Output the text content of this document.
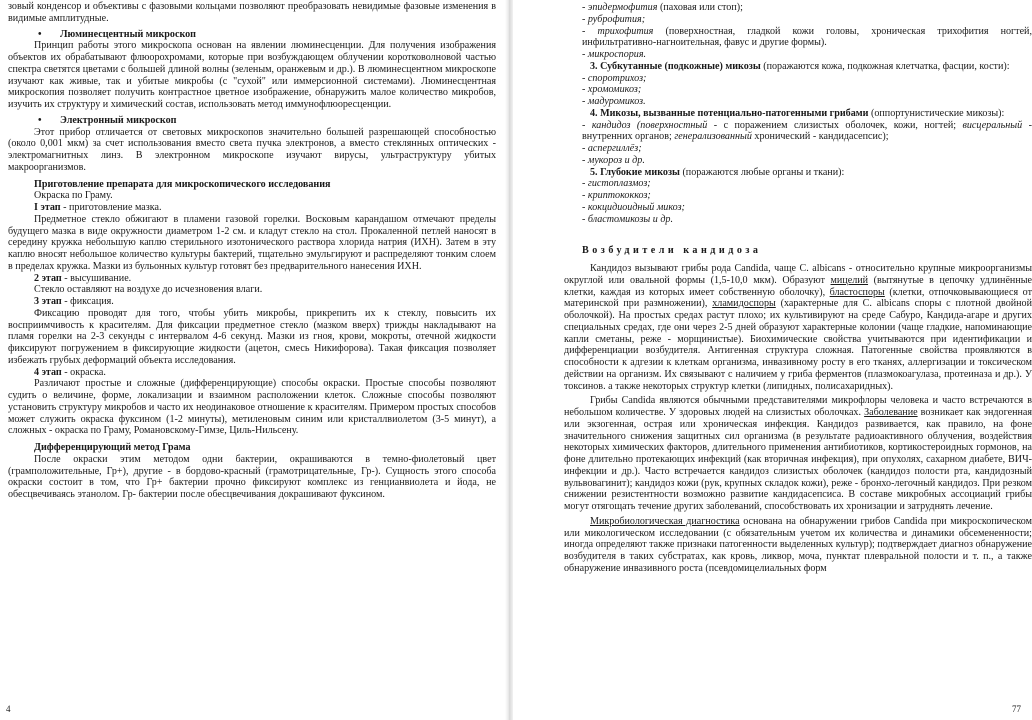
зовый конденсор и объективы с фазовыми кольцами позволяют преобразовать невидимые фазовые изменения в видимые амплитудные.

• Люминесцентный микроскоп

Принцип работы этого микроскопа основан на явлении люминесценции. Для получения изображения объектов их обрабатывают флюорохромами, которые при возбуждающем облучении коротковолновой частью спектра светятся цветами с большей длиной волны (зеленым, оранжевым и др.). В люминесцентном микроскопе изучают как живые, так и убитые микробы (с "сухой" или иммерсионной системами). Люминесцентная микроскопия позволяет получить контрастное цветное изображение, обнаружить малое количество микробов, изучить их структуру и химический состав, использовать метод иммунофлюоресценции.

• Электронный микроскоп

Этот прибор отличается от световых микроскопов значительно большей разрешающей способностью (около 0,001 мкм) за счет использования вместо света пучка электронов, а вместо стеклянных оптических - электромагнитных линз. В электронном микроскопе изучают вирусы, ультраструктуру убитых макроорганизмов.

Приготовление препарата для микроскопического исследования

Окраска по Граму.

I этап - приготовление мазка.

Предметное стекло обжигают в пламени газовой горелки. Восковым карандашом отмечают пределы будущего мазка в виде окружности диаметром 1-2 см. и кладут стекло на стол. Прокаленной петлей наносят в середину кружка небольшую каплю стерильного изотонического раствора хлорида натрия (ИХН). Затем в эту каплю вносят небольшое количество культуры бактерий, тщательно эмульгируют и распределяют тонким слоем в пределах кружка. Мазки из бульонных культур готовят без предварительного нанесения ИХН.

2 этап - высушивание.

Стекло оставляют на воздухе до исчезновения влаги.

3 этап - фиксация.

Фиксацию проводят для того, чтобы убить микробы, прикрепить их к стеклу, повысить их восприимчивость к красителям. Для фиксации предметное стекло (мазком вверх) трижды накладывают на пламя горелки на 2-3 секунды с интервалом 4-6 секунд. Мазки из гноя, крови, мокроты, отечной жидкости фиксируют погружением в фиксирующие жидкости (ацетон, смесь Никифорова). Такая фиксация позволяет избежать грубых деформаций объекта исследования.

4 этап - окраска.

Различают простые и сложные (дифференцирующие) способы окраски. Простые способы позволяют судить о величине, форме, локализации и взаимном расположении клеток. Сложные способы позволяют установить структуру микробов и часто их неодинаковое отношение к красителям. Примером простых способов может служить окраска фуксином (1-2 минуты), метиленовым синим или кристаллвиолетом (3-5 минут), а сложных - окраска по Граму, Романовскому-Гимзе, Циль-Нильсену.

Дифференцирующий метод Грама

После окраски этим методом одни бактерии, окрашиваются в темно-фиолетовый цвет (грамположительные, Гр+), другие - в бордово-красный (грамотрицательные, Гр-). Сущность этого способа окраски состоит в том, что Гр+ бактерии прочно фиксируют комплекс из генцианвиолета и йода, не обесцвечиваясь этанолом. Гр- бактерии после обесцвечивания докрашивают фуксином.

4

- эпидермофития (паховая или стоп);

- руброфития;

- трихофития (поверхностная, гладкой кожи головы, хроническая трихофития ногтей, инфильтративно-нагноительная, фавус и другие формы).

- микроспория.

3. Субкутанные (подкожные) микозы (поражаются кожа, подкожная клетчатка, фасции, кости):

- споротрихоз;

- хромомикоз;

- мадуромикоз.

4. Микозы, вызванные потенциально-патогенными грибами (оппортунистические микозы):

- кандидоз (поверхностный - с поражением слизистых оболочек, кожи, ногтей; висцеральный - внутренних органов; генерализованный хронический - кандидасепсис);

- аспергиллёз;

- мукороз и др.

5. Глубокие микозы (поражаются любые органы и ткани):

- гистоплазмоз;

- криптококкоз;

- кокцидиоидный микоз;

- бластомикозы и др.

Возбудители кандидоза

Кандидоз вызывают грибы рода Candida, чаще C. albicans - относительно крупные микроорганизмы округлой или овальной формы (1,5-10,0 мкм). Образуют мицелий (вытянутые в цепочку удлинённые клетки, каждая из которых имеет собственную оболочку), бластоспоры (клетки, отпочковывающиеся от материнской при размножении), хламидоспоры (характерные для C. albicans споры с плотной двойной оболочкой). На простых средах растут плохо; их культивируют на среде Сабуро, Кандида-агаре и других специальных средах, где они через 2-5 дней образуют характерные колонии (чаще гладкие, напоминающие капли сметаны, реже - морщинистые). Биохимические свойства учитываются при идентификации и дифференциации возбудителя. Антигенная структура сложная. Патогенные свойства проявляются в способности к адгезии к клеткам организма, инвазивному росту в его тканях, аллергизации и токсическом действии на организм. Их связывают с наличием у гриба ферментов (плазмокоагулаза, протеиназа и др.). У токсинов. а также некоторых структур клетки (липидных, полисахаридных).

Грибы Candida являются обычными представителями микрофлоры человека и часто встречаются в небольшом количестве. У здоровых людей на слизистых оболочках. Заболевание возникает как эндогенная или экзогенная, острая или хроническая инфекция. Кандидоз развивается, как правило, на фоне значительного снижения защитных сил организма (в результате радиоактивного облучения, воздействия некоторых химических факторов, длительного применения антибиотиков, кортикостероидных гормонов, на фоне длительно протекающих инфекций (как вторичная инфекция), при опухолях, сахарном диабете, ВИЧ-инфекции и др.). Часто встречается кандидоз слизистых оболочек (кандидоз полости рта, кандидозный вульвовагинит); кандидоз кожи (рук, крупных складок кожи), реже - бронхо-легочный кандидоз. При резком снижении резистентности возможно развитие кандидасепсиса. В составе микробных ассоциаций грибы могут отягощать течение других заболеваний, способствовать их хронизации и затруднять лечение.

Микробиологическая диагностика основана на обнаружении грибов Candida при микроскопическом или микологическом исследовании (с обязательным учетом их количества и динамики обсемененности; иногда определяют также признаки патогенности выделенных культур); подтверждает диагноз обнаружение возбудителя в таких субстратах, как кровь, ликвор, моча, пунктат плевральной полости и т. п., а также обнаружение инвазивного роста (псевдомицелиальных форм

77
